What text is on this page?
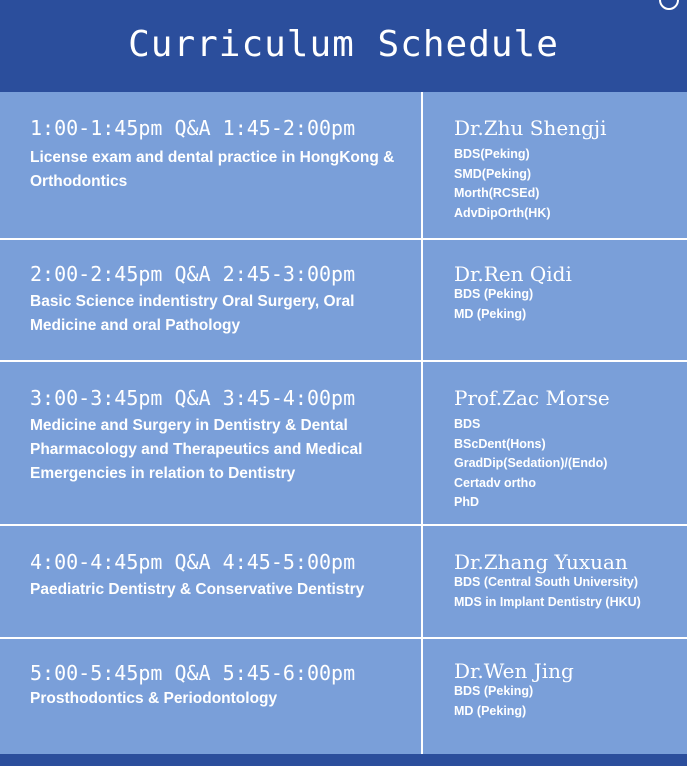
Curriculum Schedule
1:00-1:45pm Q&A 1:45-2:00pm
License exam and dental practice in HongKong & Orthodontics
Dr.Zhu Shengji
BDS(Peking)
SMD(Peking)
Morth(RCSEd)
AdvDipOrth(HK)
2:00-2:45pm Q&A 2:45-3:00pm
Basic Science indentistry Oral Surgery, Oral Medicine and oral Pathology
Dr.Ren Qidi
BDS (Peking)
MD (Peking)
3:00-3:45pm Q&A 3:45-4:00pm
Medicine and Surgery in Dentistry & Dental Pharmacology and Therapeutics and Medical Emergencies in relation to Dentistry
Prof.Zac Morse
BDS
BScDent(Hons)
GradDip(Sedation)/(Endo)
Certadv ortho
PhD
4:00-4:45pm Q&A 4:45-5:00pm
Paediatric Dentistry & Conservative Dentistry
Dr.Zhang Yuxuan
BDS (Central South University)
MDS in Implant Dentistry (HKU)
5:00-5:45pm Q&A 5:45-6:00pm
Prosthodontics & Periodontology
Dr.Wen Jing
BDS (Peking)
MD (Peking)
